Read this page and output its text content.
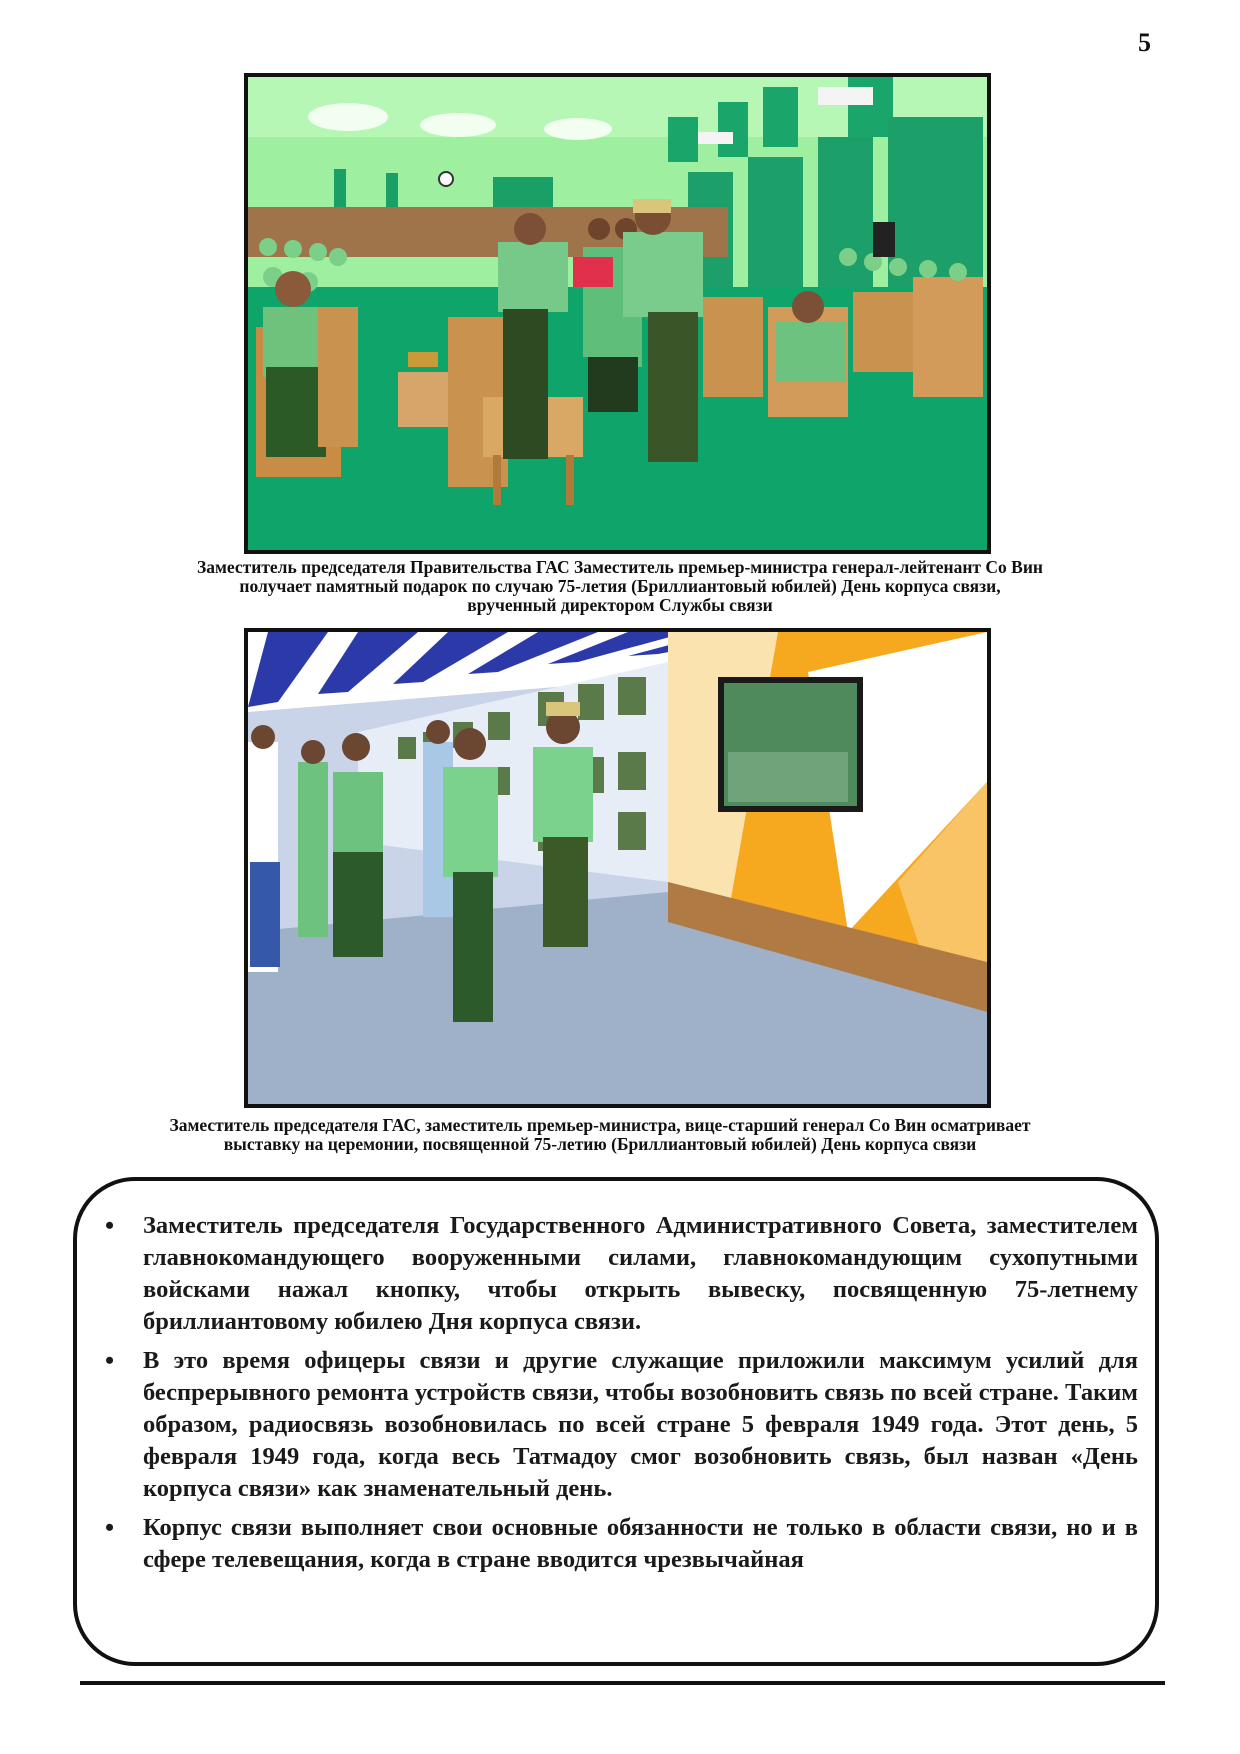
5
Заместитель председателя Правительства ГАС Заместитель премьер-министра генерал-лейтенант Со Вин
получает памятный подарок по случаю 75-летия (Бриллиантовый юбилей) День корпуса связи,
врученный директором Службы связи
Заместитель председателя ГАС, заместитель премьер-министра, вице-старший генерал Со Вин осматривает
выставку на церемонии, посвященной 75-летию (Бриллиантовый юбилей) День корпуса связи
• Заместитель председателя Государственного Административного Совета, заместителем главнокомандующего вооруженными силами, главнокомандующим сухопутными войсками нажал кнопку, чтобы открыть вывеску, посвященную 75-летнему бриллиантовому юбилею Дня корпуса связи.
• В это время офицеры связи и другие служащие приложили максимум усилий для беспрерывного ремонта устройств связи, чтобы возобновить связь по всей стране. Таким образом, радиосвязь возобновилась по всей стране 5 февраля 1949 года. Этот день, 5 февраля 1949 года, когда весь Татмадоу смог возобновить связь, был назван «День корпуса связи» как знаменательный день.
• Корпус связи выполняет свои основные обязанности не только в области связи, но и в сфере телевещания, когда в стране вводится чрезвычайная
